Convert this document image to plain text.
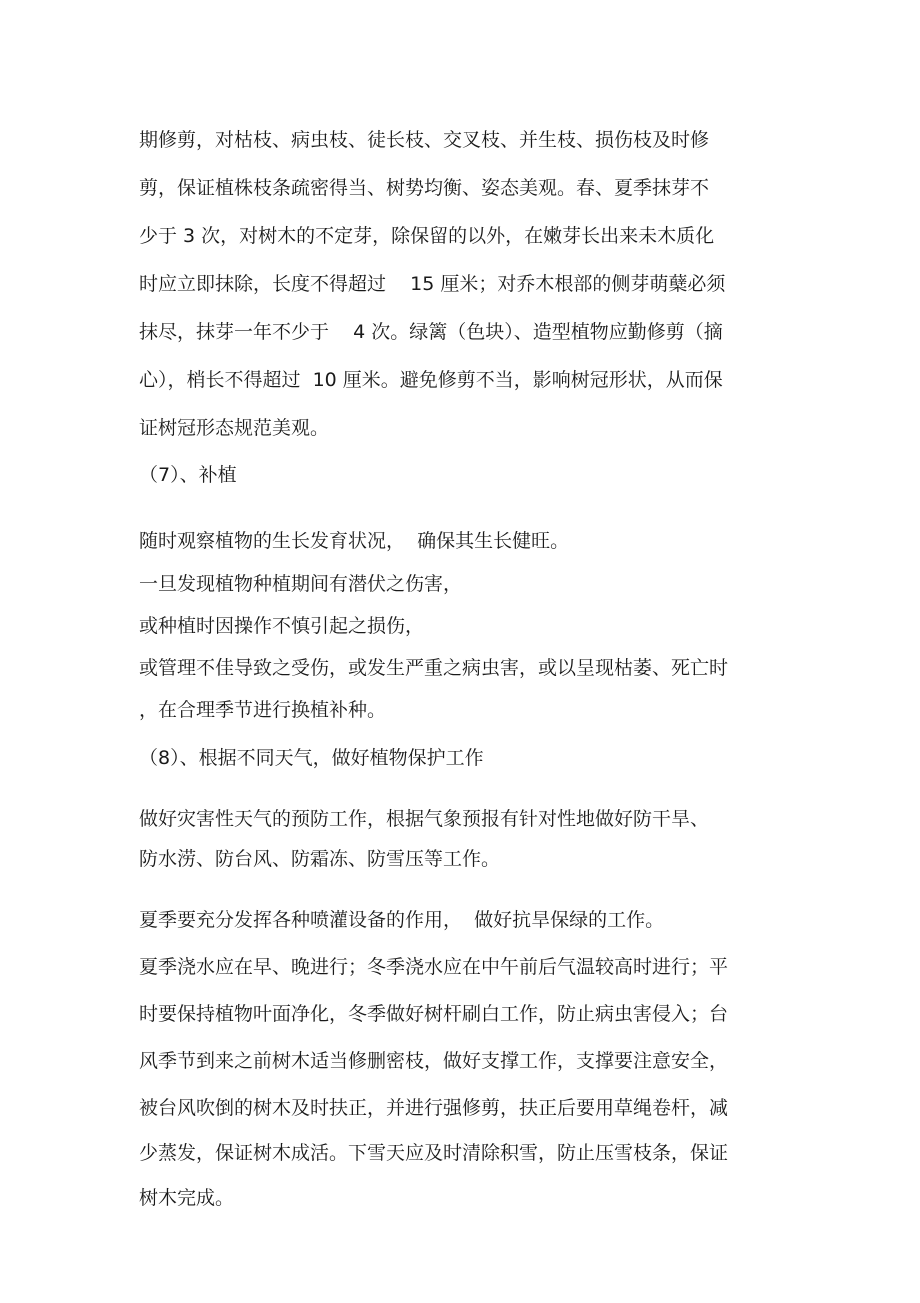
期修剪，对枯枝、病虫枝、徒长枝、交叉枝、并生枝、损伤枝及时修
剪，保证植株枝条疏密得当、树势均衡、姿态美观。春、夏季抹芽不
少于 3 次，对树木的不定芽，除保留的以外，在嫩芽长出来未木质化
时应立即抹除，长度不得超过    15 厘米；对乔木根部的侧芽萌蘖必须
抹尽，抹芽一年不少于    4 次。绿篱（色块）、造型植物应勤修剪（摘
心），梢长不得超过  10 厘米。避免修剪不当，影响树冠形状，从而保
证树冠形态规范美观。
（7）、补植
随时观察植物的生长发育状况，  确保其生长健旺。
一旦发现植物种植期间有潜伏之伤害，
或种植时因操作不慎引起之损伤，
或管理不佳导致之受伤，或发生严重之病虫害，或以呈现枯萎、死亡时
，在合理季节进行换植补种。
（8）、根据不同天气，做好植物保护工作
做好灾害性天气的预防工作，根据气象预报有针对性地做好防干旱、
防水涝、防台风、防霜冻、防雪压等工作。
夏季要充分发挥各种喷灌设备的作用，  做好抗旱保绿的工作。
夏季浇水应在早、晚进行；冬季浇水应在中午前后气温较高时进行；平
时要保持植物叶面净化，冬季做好树杆刷白工作，防止病虫害侵入；台
风季节到来之前树木适当修删密枝，做好支撑工作，支撑要注意安全，
被台风吹倒的树木及时扶正，并进行强修剪，扶正后要用草绳卷杆，减
少蒸发，保证树木成活。下雪天应及时清除积雪，防止压雪枝条，保证
树木完成。
